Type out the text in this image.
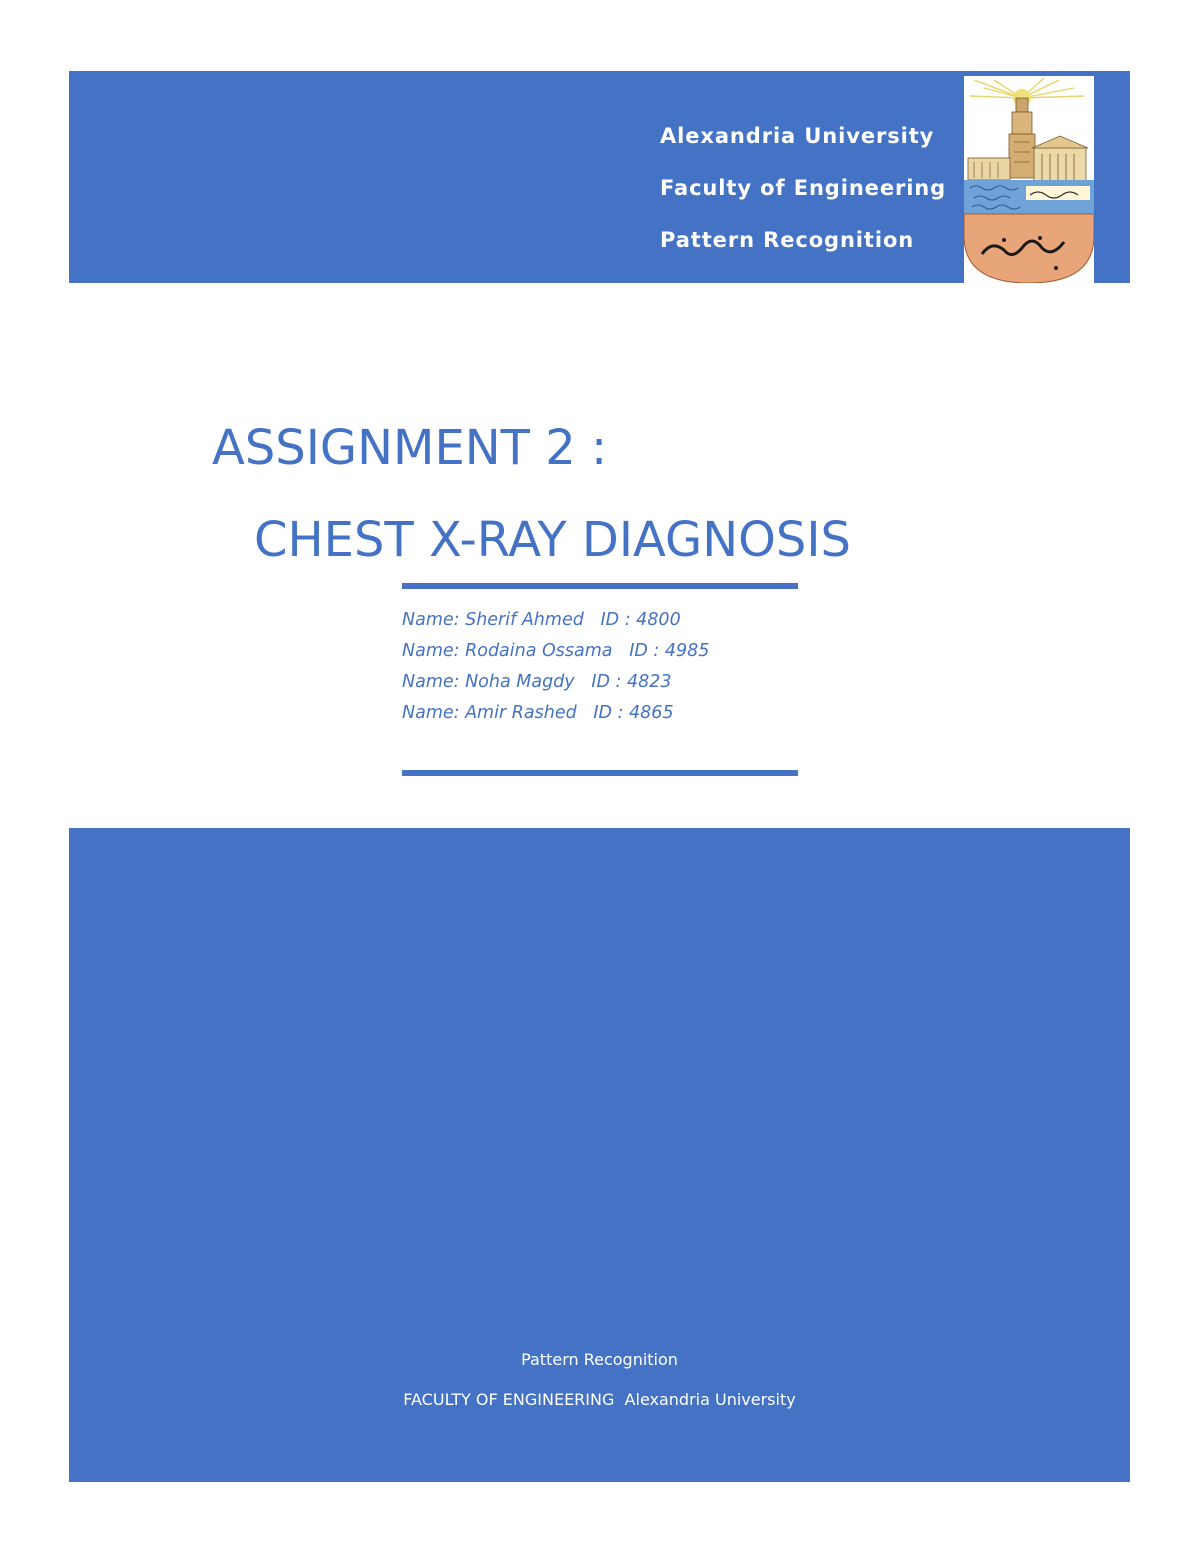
Alexandria University
Faculty of Engineering
Pattern Recognition
ASSIGNMENT 2 :
CHEST X-RAY DIAGNOSIS
Name: Sherif Ahmed   ID : 4800
Name: Rodaina Ossama   ID : 4985
Name: Noha Magdy   ID : 4823
Name: Amir Rashed   ID : 4865
Pattern Recognition
FACULTY OF ENGINEERING  Alexandria University
